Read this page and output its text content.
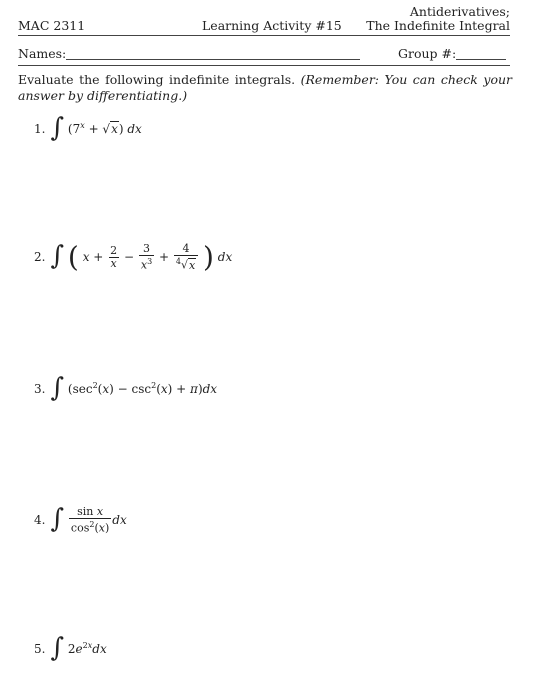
MAC 2311	Learning Activity #15
Antiderivatives;
The Indefinite Integral
Names:	Group #:
Evaluate the following indefinite integrals. (Remember: You can check your answer by differentiating.)
1. ∫ $(7^x + √x)$ dx
2. ∫ ( $x + \frac{2}{x} - \frac{3}{x^3} + \frac{4}{^4√x}$ ) dx
3. ∫ $(\sec^2(x) - \csc^2(x) + \pi)dx$
4. ∫ $\frac{\text{sin x}}{\cos^2(x)}$ dx
5. ∫ $2e^{2x}dx$
